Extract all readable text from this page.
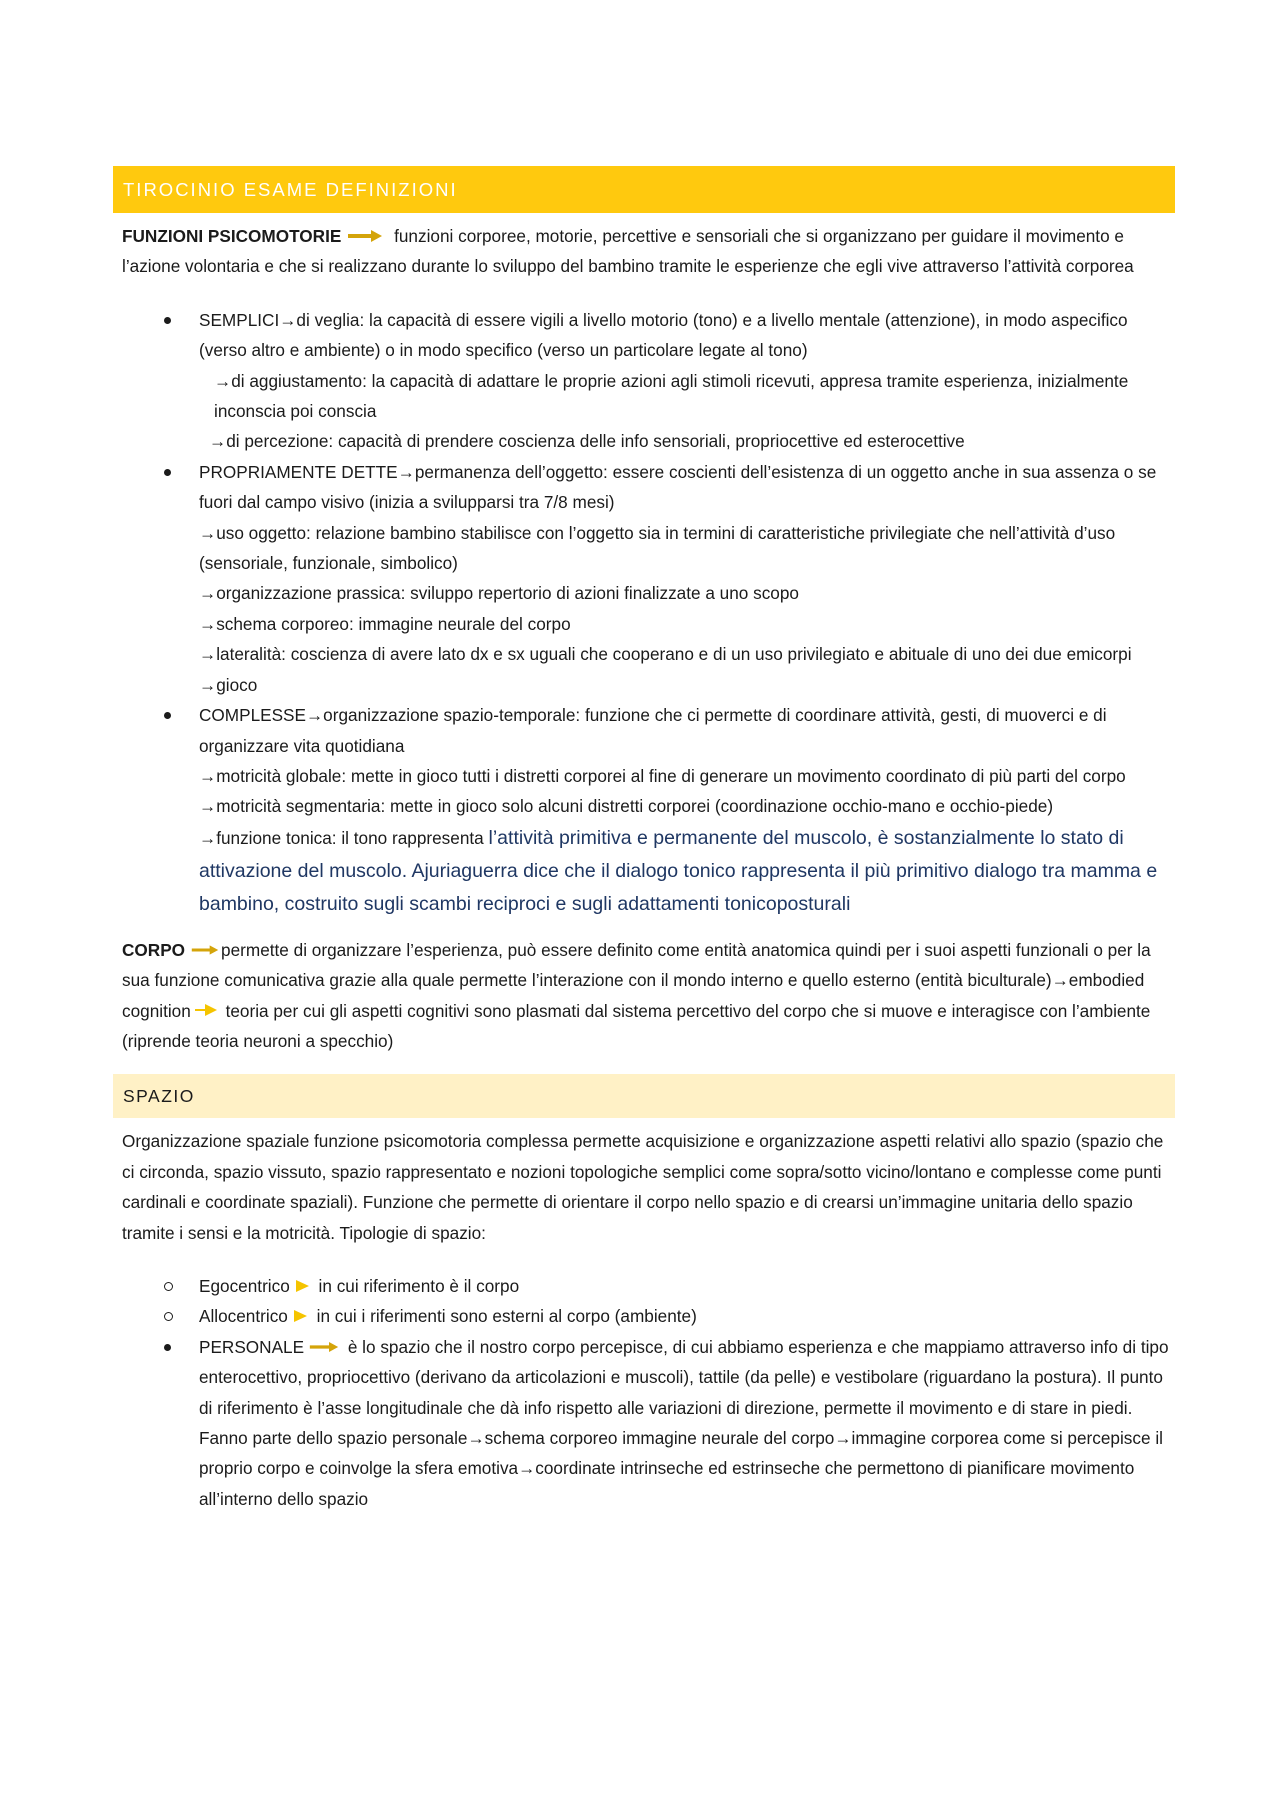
TIROCINIO ESAME DEFINIZIONI

FUNZIONI PSICOMOTORIE	funzioni corporee, motorie, percettive e sensoriali che si organizzano per guidare il movimento e l’azione volontaria e che si realizzano durante lo sviluppo del bambino tramite le esperienze che egli vive attraverso l’attività corporea

SEMPLICI→di veglia: la capacità di essere vigili a livello motorio (tono) e a livello mentale (attenzione), in modo aspecifico (verso altro e ambiente) o in modo specifico (verso un particolare legate al tono)
→di aggiustamento: la capacità di adattare le proprie azioni agli stimoli ricevuti, appresa tramite esperienza, inizialmente inconscia poi conscia
→di percezione: capacità di prendere coscienza delle info sensoriali, propriocettive ed esterocettive
PROPRIAMENTE DETTE→permanenza dell’oggetto: essere coscienti dell’esistenza di un oggetto anche in sua assenza o se fuori dal campo visivo (inizia a svilupparsi tra 7/8 mesi)
→uso oggetto: relazione bambino stabilisce con l’oggetto sia in termini di caratteristiche privilegiate che nell’attività d’uso (sensoriale, funzionale, simbolico)
→organizzazione prassica: sviluppo repertorio di azioni finalizzate a uno scopo
→schema corporeo: immagine neurale del corpo
→lateralità: coscienza di avere lato dx e sx uguali che cooperano e di un uso privilegiato e abituale di uno dei due emicorpi
→gioco
COMPLESSE→organizzazione spazio-temporale: funzione che ci permette di coordinare attività, gesti, di muoverci e di organizzare vita quotidiana
→motricità globale: mette in gioco tutti i distretti corporei al fine di generare un movimento coordinato di più parti del corpo
→motricità segmentaria: mette in gioco solo alcuni distretti corporei (coordinazione occhio-mano e occhio-piede)
→funzione tonica: il tono rappresenta l’attività primitiva e permanente del muscolo, è sostanzialmente lo stato di attivazione del muscolo. Ajuriaguerra dice che il dialogo tonico rappresenta il più primitivo dialogo tra mamma e bambino, costruito sugli scambi reciproci e sugli adattamenti tonicoposturali

CORPO permette di organizzare l’esperienza, può essere definito come entità anatomica quindi per i suoi aspetti funzionali o per la sua funzione comunicativa grazie alla quale permette l’interazione con il mondo interno e quello esterno (entità biculturale)→embodied cognition teoria per cui gli aspetti cognitivi sono plasmati dal sistema percettivo del corpo che si muove e interagisce con l’ambiente (riprende teoria neuroni a specchio)

SPAZIO

Organizzazione spaziale funzione psicomotoria complessa permette acquisizione e organizzazione aspetti relativi allo spazio (spazio che ci circonda, spazio vissuto, spazio rappresentato e nozioni topologiche semplici come sopra/sotto vicino/lontano e complesse come punti cardinali e coordinate spaziali). Funzione che permette di orientare il corpo nello spazio e di crearsi un’immagine unitaria dello spazio tramite i sensi e la motricità. Tipologie di spazio:

Egocentrico in cui riferimento è il corpo
Allocentrico in cui i riferimenti sono esterni al corpo (ambiente)
PERSONALE è lo spazio che il nostro corpo percepisce, di cui abbiamo esperienza e che mappiamo attraverso info di tipo enterocettivo, propriocettivo (derivano da articolazioni e muscoli), tattile (da pelle) e vestibolare (riguardano la postura). Il punto di riferimento è l’asse longitudinale che dà info rispetto alle variazioni di direzione, permette il movimento e di stare in piedi. Fanno parte dello spazio personale→schema corporeo immagine neurale del corpo→immagine corporea come si percepisce il proprio corpo e coinvolge la sfera emotiva→coordinate intrinseche ed estrinseche che permettono di pianificare movimento all’interno dello spazio
